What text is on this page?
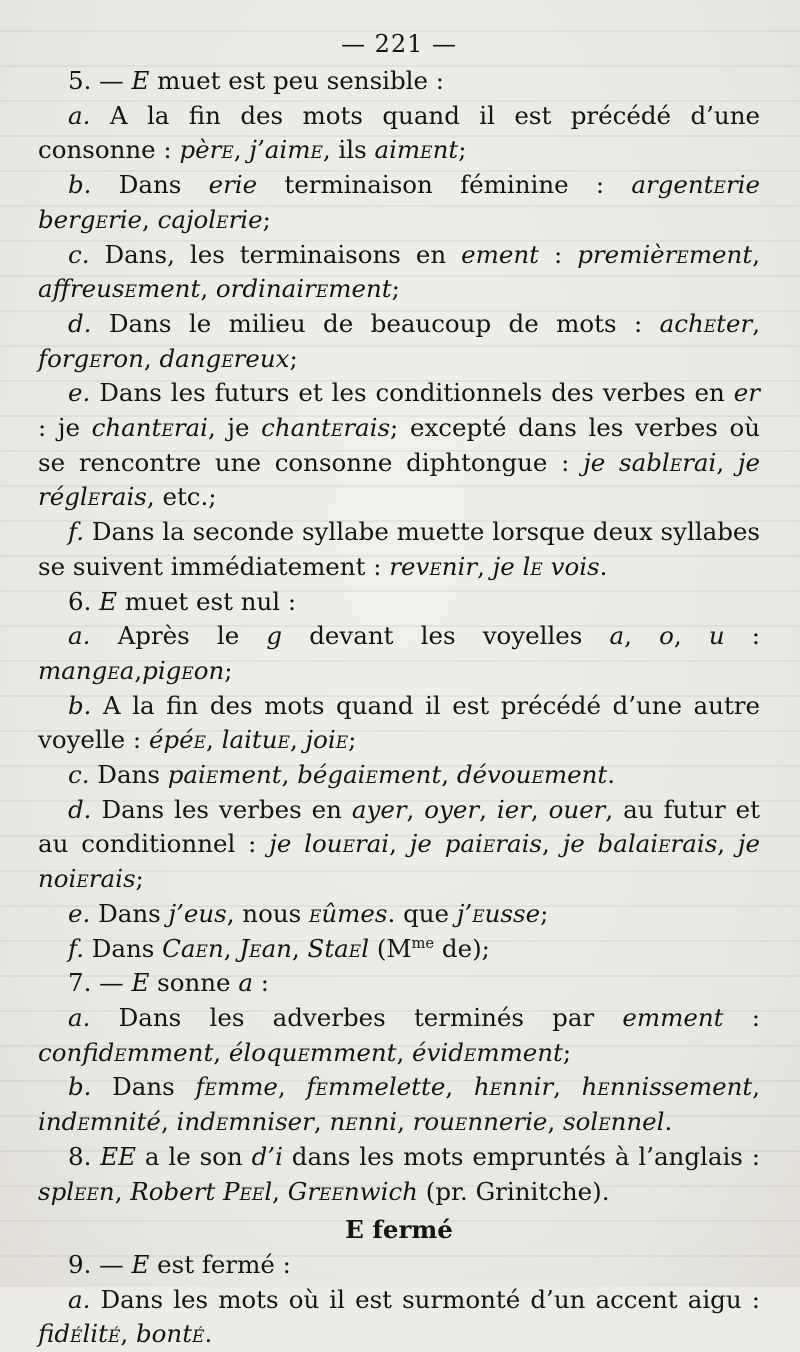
— 221 —

5. — E muet est peu sensible :

a. A la fin des mots quand il est précédé d’une consonne : père, j’aime, ils aiment;

b. Dans erie terminaison féminine : argenterie bergerie, cajolerie;

c. Dans, les terminaisons en ement : premièrement, affreusement, ordinairement;

d. Dans le milieu de beaucoup de mots : acheter, forgeron, dangereux;

e. Dans les futurs et les conditionnels des verbes en er : je chanterai, je chanterais; excepté dans les verbes où se rencontre une consonne diphtongue : je sablerai, je réglerais, etc.;

f. Dans la seconde syllabe muette lorsque deux syllabes se suivent immédiatement : revenir, je le vois.

6. E muet est nul :

a. Après le g devant les voyelles a, o, u : mangea,pigeon;

b. A la fin des mots quand il est précédé d’une autre voyelle : épée, laitue, joie;

c. Dans paiement, bégaiement, dévouement.

d. Dans les verbes en ayer, oyer, ier, ouer, au futur et au conditionnel : je louerai, je paierais, je balaierais, je noierais;

e. Dans j’eus, nous eûmes. que j’eusse;

f. Dans Caen, Jean, Stael ($M^{me}$ de);

7. — E sonne a :

a. Dans les adverbes terminés par emment : confidemment, éloquemment, évidemment;

b. Dans femme, femmelette, hennir, hennissement, indemnité, indemniser, nenni, rouennerie, solennel.

8. EE a le son d’i dans les mots empruntés à l’anglais : spleen, Robert Peel, Greenwich (pr. Grinitche).

E fermé

9. — E est fermé :

a. Dans les mots où il est surmonté d’un accent aigu : fidélité, bonté.
